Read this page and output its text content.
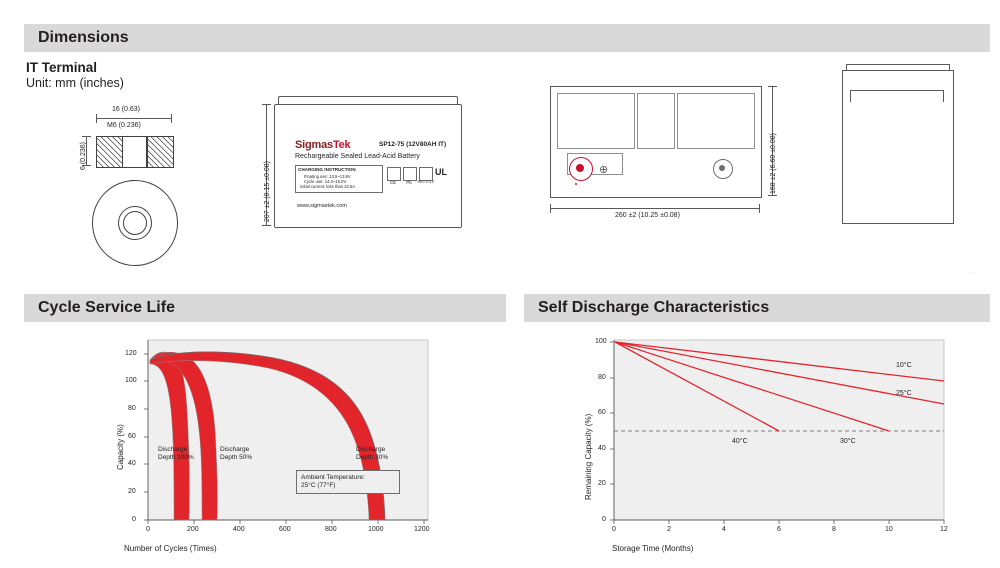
Dimensions
IT Terminal
Unit: mm (inches)
16 (0.63)
M6 (0.236)
6 (0.236)
207 ±2 (8.15 ±0.08)
SigmasTek	SP12-75 (12V80AH IT)
Rechargeable Sealed Lead-Acid Battery
CHARGING INSTRUCTION
Floating use: 13.5~13.8V
Cycle use: 14.4~15.0V
Initial current: less than 22.5A
CE	Pb	RECYCLE
UL
www.sigmastek.com
⊕	168 ±2 (6.60 ±0.08)
260 ±2 (10.25 ±0.08)
.
Cycle Service Life
0
20
40
60
80
100
120
0	200	400	600	800	1000	1200
Number of Cycles (Times)
Capacity (%)	Discharge
Depth 100%
Discharge
Depth 50%
Discharge
Depth 30%
Ambient Temperature:
25°C (77°F)
Self Discharge Characteristics
0
20
40
60
80
100
0	2	4	6	8	10	12
Storage Time (Months)
Remaining Capacity (%)
10°C
25°C
30°C
40°C
